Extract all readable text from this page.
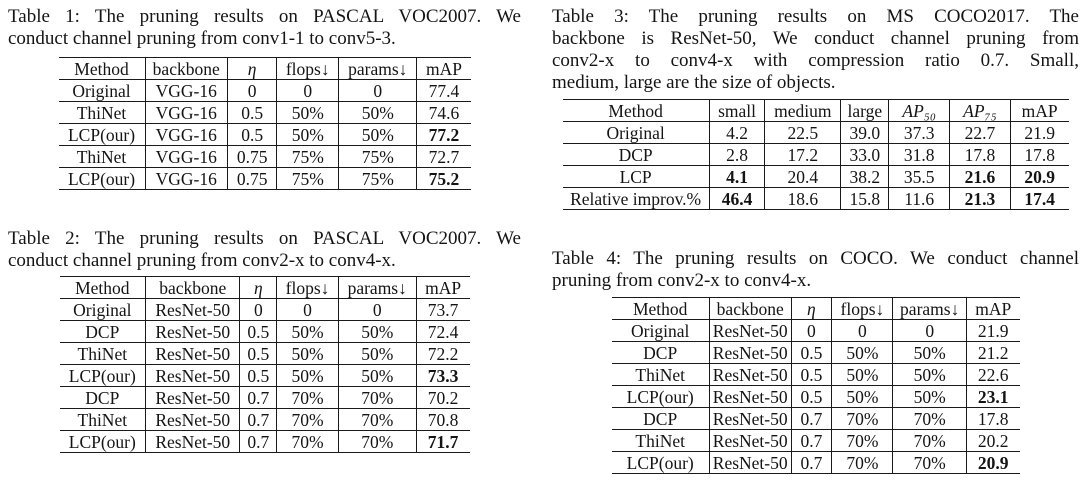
Table 1: The pruning results on PASCAL VOC2007. We
conduct channel pruning from conv1-1 to conv5-3.
Method	backbone	η	flops↓	params↓	mAP
Original	VGG-16	0	0	0	77.4
ThiNet	VGG-16	0.5	50%	50%	74.6
LCP(our)	VGG-16	0.5	50%	50%	77.2
ThiNet	VGG-16	0.75	75%	75%	72.7
LCP(our)	VGG-16	0.75	75%	75%	75.2
Table 2: The pruning results on PASCAL VOC2007. We
conduct channel pruning from conv2-x to conv4-x.
Method	backbone	η	flops↓	params↓	mAP
Original	ResNet-50	0	0	0	73.7
DCP	ResNet-50	0.5	50%	50%	72.4
ThiNet	ResNet-50	0.5	50%	50%	72.2
LCP(our)	ResNet-50	0.5	50%	50%	73.3
DCP	ResNet-50	0.7	70%	70%	70.2
ThiNet	ResNet-50	0.7	70%	70%	70.8
LCP(our)	ResNet-50	0.7	70%	70%	71.7
Table 3: The pruning results on MS COCO2017. The
backbone is ResNet-50, We conduct channel pruning from
conv2-x to conv4-x with compression ratio 0.7. Small,
medium, large are the size of objects.
Method	small	medium	large	AP₅₀	AP₇₅	mAP
Original	4.2	22.5	39.0	37.3	22.7	21.9
DCP	2.8	17.2	33.0	31.8	17.8	17.8
LCP	4.1	20.4	38.2	35.5	21.6	20.9
Relative improv.%	46.4	18.6	15.8	11.6	21.3	17.4
Table 4: The pruning results on COCO. We conduct channel
pruning from conv2-x to conv4-x.
Method	backbone	η	flops↓	params↓	mAP
Original	ResNet-50	0	0	0	21.9
DCP	ResNet-50	0.5	50%	50%	21.2
ThiNet	ResNet-50	0.5	50%	50%	22.6
LCP(our)	ResNet-50	0.5	50%	50%	23.1
DCP	ResNet-50	0.7	70%	70%	17.8
ThiNet	ResNet-50	0.7	70%	70%	20.2
LCP(our)	ResNet-50	0.7	70%	70%	20.9
